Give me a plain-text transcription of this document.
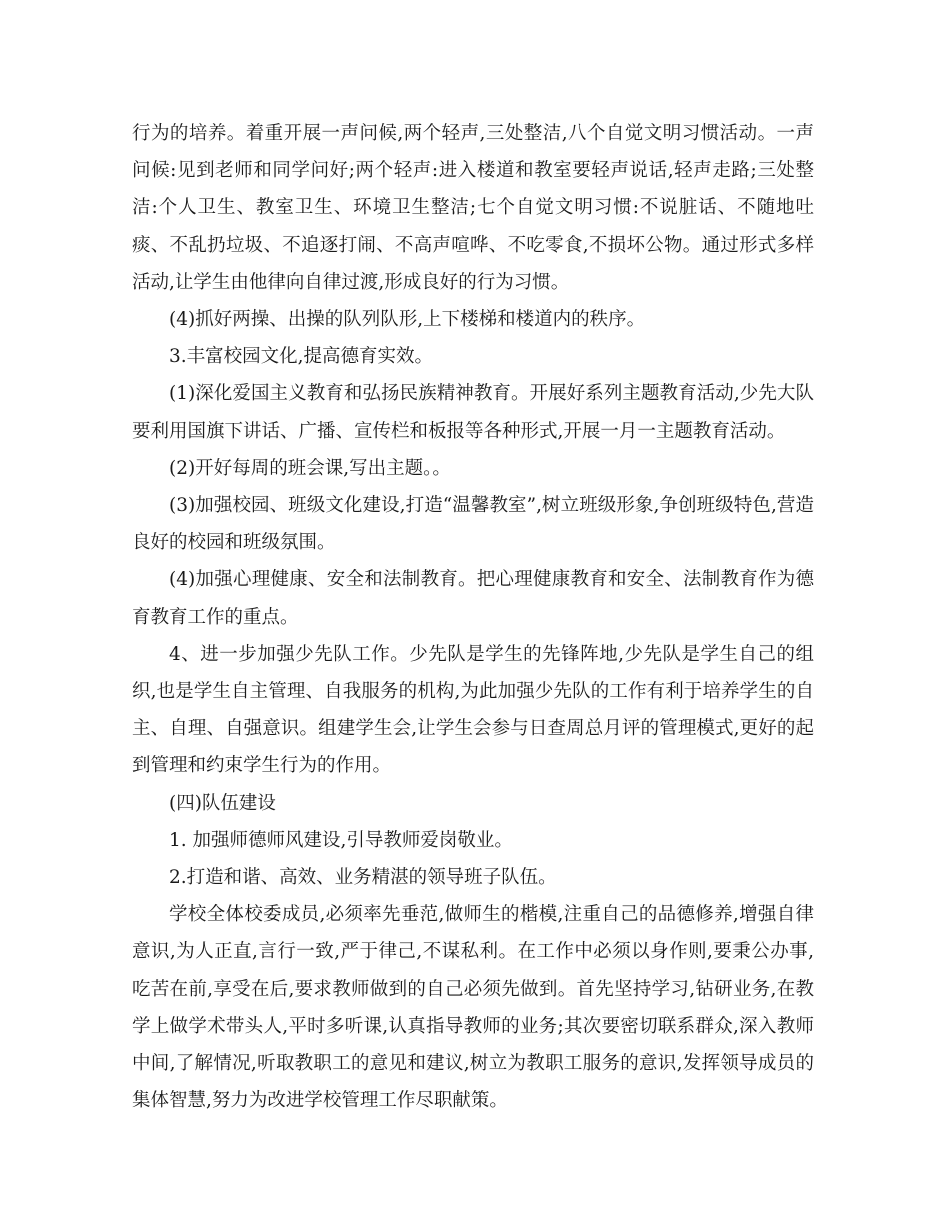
行为的培养。着重开展一声问候,两个轻声,三处整洁,八个自觉文明习惯活动。一声问候:见到老师和同学问好;两个轻声:进入楼道和教室要轻声说话,轻声走路;三处整洁:个人卫生、教室卫生、环境卫生整洁;七个自觉文明习惯:不说脏话、不随地吐痰、不乱扔垃圾、不追逐打闹、不高声喧哗、不吃零食,不损坏公物。通过形式多样活动,让学生由他律向自律过渡,形成良好的行为习惯。

(4)抓好两操、出操的队列队形,上下楼梯和楼道内的秩序。

3.丰富校园文化,提高德育实效。

(1)深化爱国主义教育和弘扬民族精神教育。开展好系列主题教育活动,少先大队要利用国旗下讲话、广播、宣传栏和板报等各种形式,开展一月一主题教育活动。

(2)开好每周的班会课,写出主题。。

(3)加强校园、班级文化建设,打造“温馨教室”,树立班级形象,争创班级特色,营造良好的校园和班级氛围。

(4)加强心理健康、安全和法制教育。把心理健康教育和安全、法制教育作为德育教育工作的重点。

4、进一步加强少先队工作。少先队是学生的先锋阵地,少先队是学生自己的组织,也是学生自主管理、自我服务的机构,为此加强少先队的工作有利于培养学生的自主、自理、自强意识。组建学生会,让学生会参与日查周总月评的管理模式,更好的起到管理和约束学生行为的作用。

(四)队伍建设

1. 加强师德师风建设,引导教师爱岗敬业。

2.打造和谐、高效、业务精湛的领导班子队伍。

学校全体校委成员,必须率先垂范,做师生的楷模,注重自己的品德修养,增强自律意识,为人正直,言行一致,严于律己,不谋私利。在工作中必须以身作则,要秉公办事,吃苦在前,享受在后,要求教师做到的自己必须先做到。首先坚持学习,钻研业务,在教学上做学术带头人,平时多听课,认真指导教师的业务;其次要密切联系群众,深入教师中间,了解情况,听取教职工的意见和建议,树立为教职工服务的意识,发挥领导成员的集体智慧,努力为改进学校管理工作尽职献策。
